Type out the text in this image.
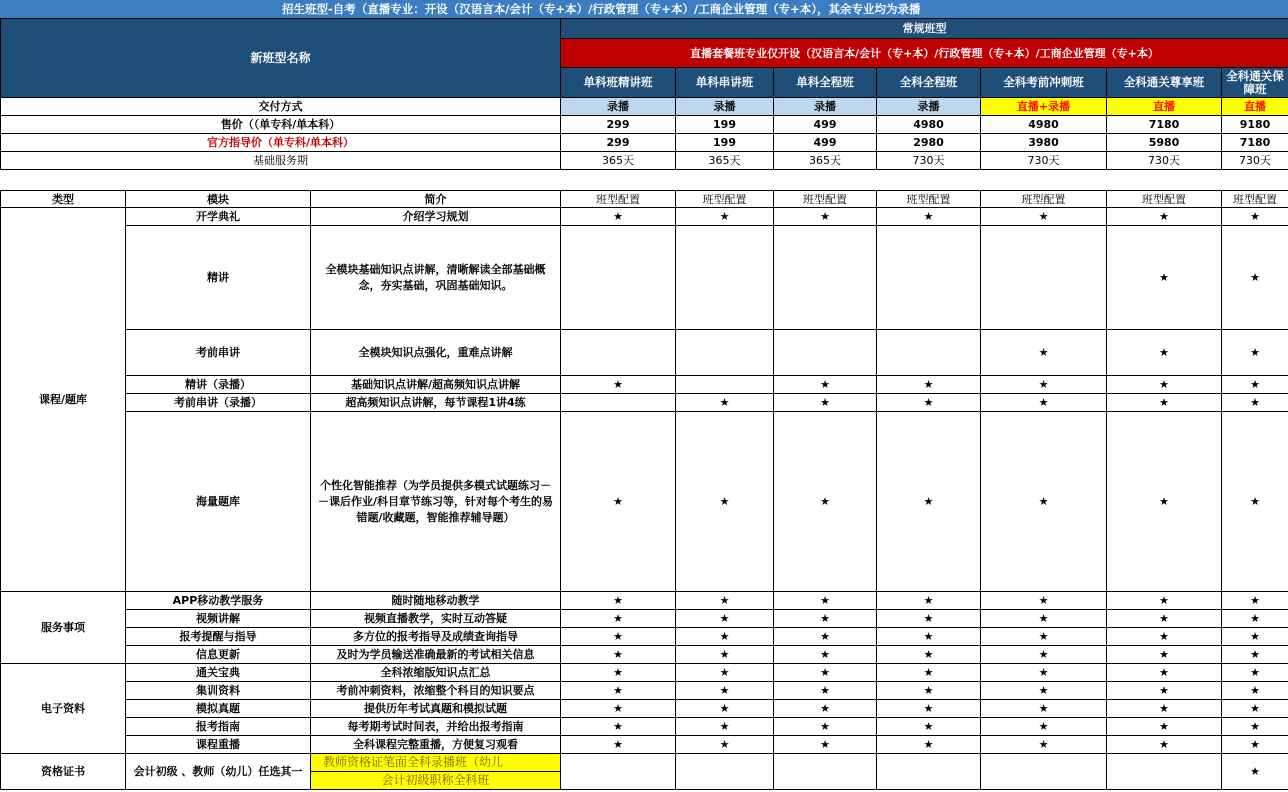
招生班型-自考（直播专业：开设（汉语言本/会计（专+本）/行政管理（专+本）/工商企业管理（专+本），其余专业均为录播
新班型名称	常规班型						
	直播套餐班专业仅开设（汉语言本/会计（专+本）/行政管理（专+本）/工商企业管理（专+本）						
	单科班精讲班	单科串讲班	单科全程班	全科全程班	全科考前冲刺班	全科通关尊享班	全科通关保障班
交付方式	录播	录播	录播	录播	直播+录播	直播	直播
售价（（单专科/单本科）	299	199	499	4980	4980	7180	9180
官方指导价（单专科/单本科）	299	199	499	2980	3980	5980	7180
基础服务期	365天	365天	365天	730天	730天	730天	730天
类型	模块	简介	班型配置	班型配置	班型配置	班型配置	班型配置	班型配置	班型配置
课程/题库	开学典礼	介绍学习规划	★	★	★	★	★	★	★
	精讲	全模块基础知识点讲解，清晰解读全部基础概念，夯实基础，巩固基础知识。						★	★
	考前串讲	全模块知识点强化，重难点讲解					★	★	★
	精讲（录播）	基础知识点讲解/超高频知识点讲解	★		★	★	★	★	★
	考前串讲（录播）	超高频知识点讲解，每节课程1讲4练		★	★	★	★	★	★
	海量题库	个性化智能推荐（为学员提供多模式试题练习－－课后作业/科目章节练习等，针对每个考生的易错题/收藏题，智能推荐辅导题）	★	★	★	★	★	★	★
服务事项	APP移动教学服务	随时随地移动教学	★	★	★	★	★	★	★
	视频讲解	视频直播教学，实时互动答疑	★	★	★	★	★	★	★
	报考提醒与指导	多方位的报考指导及成绩查询指导	★	★	★	★	★	★	★
	信息更新	及时为学员输送准确最新的考试相关信息	★	★	★	★	★	★	★
电子资料	通关宝典	全科浓缩版知识点汇总	★	★	★	★	★	★	★
	集训资料	考前冲刺资料，浓缩整个科目的知识要点	★	★	★	★	★	★	★
	模拟真题	提供历年考试真题和模拟试题	★	★	★	★	★	★	★
	报考指南	每考期考试时间表，并给出报考指南	★	★	★	★	★	★	★
	课程重播	全科课程完整重播，方便复习观看	★	★	★	★	★	★	★
资格证书	会计初级 、教师（幼儿）任选其一	教师资格证笔面全科录播班（幼儿							★
		会计初级职称全科班							
